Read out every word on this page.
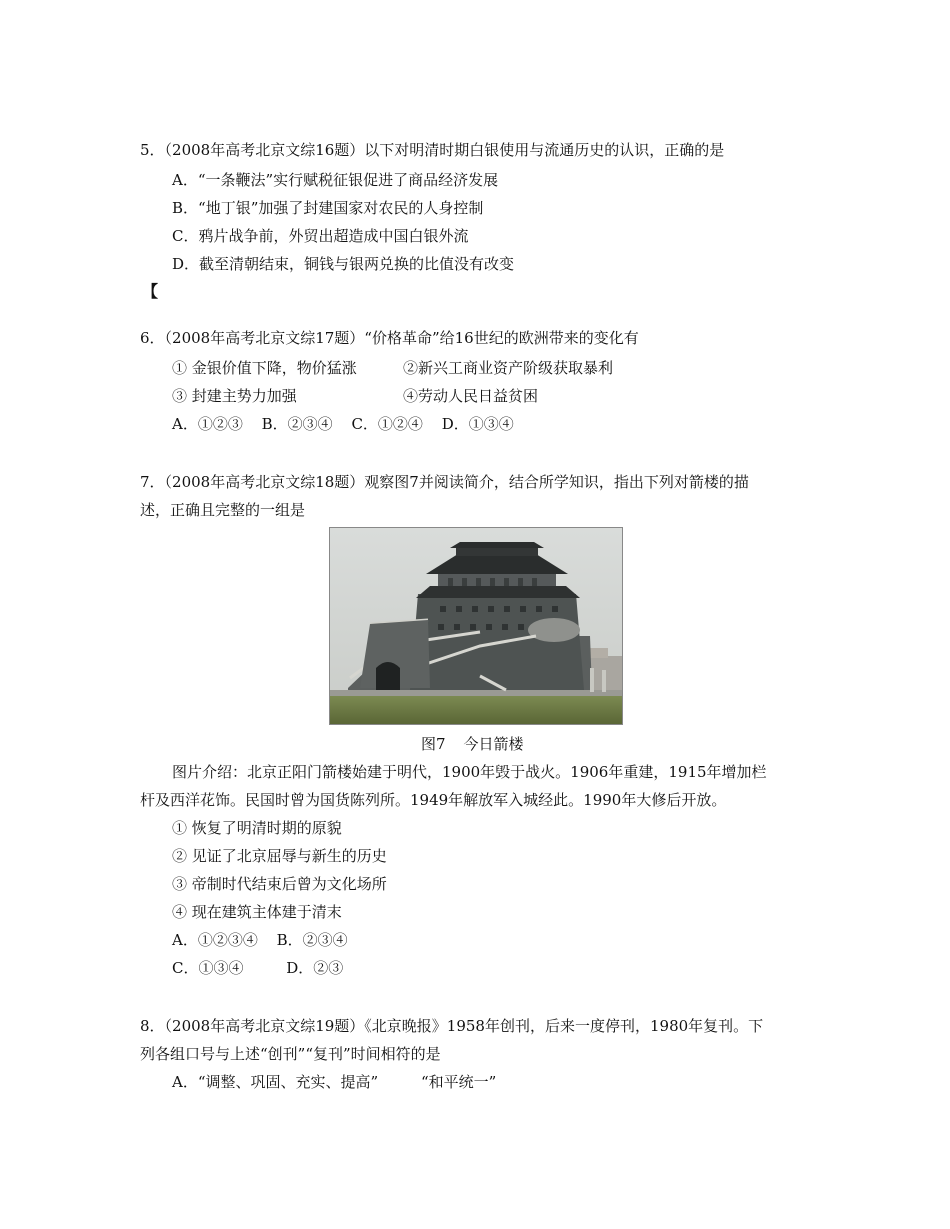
5．（2008年高考北京文综16题）以下对明清时期白银使用与流通历史的认识，正确的是
A．“一条鞭法”实行赋税征银促进了商品经济发展
B．“地丁银”加强了封建国家对农民的人身控制
C．鸦片战争前，外贸出超造成中国白银外流
D．截至清朝结束，铜钱与银两兑换的比值没有改变
【
6．（2008年高考北京文综17题）“价格革命”给16世纪的欧洲带来的变化有
① 金银价值下降，物价猛涨	②新兴工商业资产阶级获取暴利
③ 封建主势力加强	④劳动人民日益贫困
A．①②③ B．②③④ C．①②④ D．①③④
7．（2008年高考北京文综18题）观察图7并阅读简介，结合所学知识，指出下列对箭楼的描
述，正确且完整的一组是
图7 今日箭楼
图片介绍：北京正阳门箭楼始建于明代，1900年毁于战火。1906年重建，1915年增加栏
杆及西洋花饰。民国时曾为国货陈列所。1949年解放军入城经此。1990年大修后开放。
① 恢复了明清时期的原貌
② 见证了北京屈辱与新生的历史
③ 帝制时代结束后曾为文化场所
④ 现在建筑主体建于清末
A．①②③④ B．②③④
C．①③④	D．②③
8．（2008年高考北京文综19题）《北京晚报》1958年创刊，后来一度停刊，1980年复刊。下
列各组口号与上述“创刊”“复刊”时间相符的是
A．“调整、巩固、充实、提高”	“和平统一”
